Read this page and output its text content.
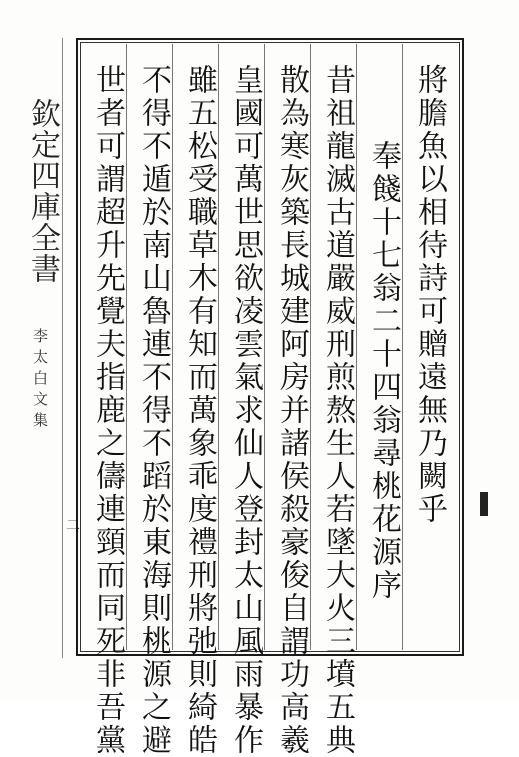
欽定四庫全書
李太白文集
二	將膽魚以相待詩可贈遠無乃闕乎
奉餞十七翁二十四翁尋桃花源序
昔祖龍滅古道嚴威刑煎熬生人若墜大火三墳五典
散為寒灰築長城建阿房并諸侯殺豪俊自謂功高羲
皇國可萬世思欲凌雲氣求仙人登封太山風雨暴作
雖五松受職草木有知而萬象乖度禮刑將弛則綺皓
不得不遁於南山魯連不得不蹈於東海則桃源之避
世者可謂超升先覺夫指鹿之儔連頸而同死非吾黨
